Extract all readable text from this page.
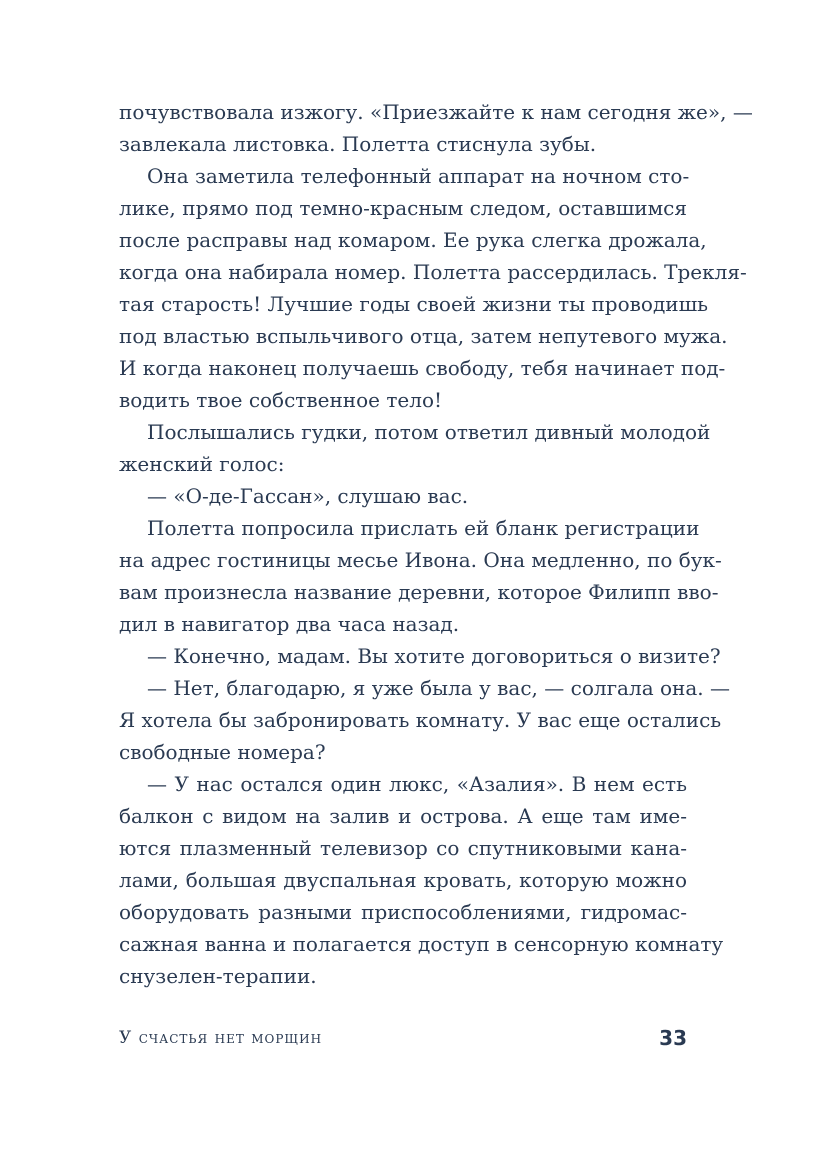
почувствовала изжогу. «Приезжайте к нам сегодня же», —
завлекала листовка. Полетта стиснула зубы.
Она заметила телефонный аппарат на ночном сто-
лике, прямо под темно-красным следом, оставшимся
после расправы над комаром. Ее рука слегка дрожала,
когда она набирала номер. Полетта рассердилась. Трекля-
тая старость! Лучшие годы своей жизни ты проводишь
под властью вспыльчивого отца, затем непутевого мужа.
И когда наконец получаешь свободу, тебя начинает под-
водить твое собственное тело!
Послышались гудки, потом ответил дивный молодой
женский голос:
— «О-де-Гассан», слушаю вас.
Полетта попросила прислать ей бланк регистрации
на адрес гостиницы месье Ивона. Она медленно, по бук-
вам произнесла название деревни, которое Филипп вво-
дил в навигатор два часа назад.
— Конечно, мадам. Вы хотите договориться о визите?
— Нет, благодарю, я уже была у вас, — солгала она. —
Я хотела бы забронировать комнату. У вас еще остались
свободные номера?
— У нас остался один люкс, «Азалия». В нем есть
балкон с видом на залив и острова. А еще там име-
ются плазменный телевизор со спутниковыми кана-
лами, большая двуспальная кровать, которую можно
оборудовать разными приспособлениями, гидромас-
сажная ванна и полагается доступ в сенсорную комнату
снузелен-терапии.
У счастья нет морщин	33
